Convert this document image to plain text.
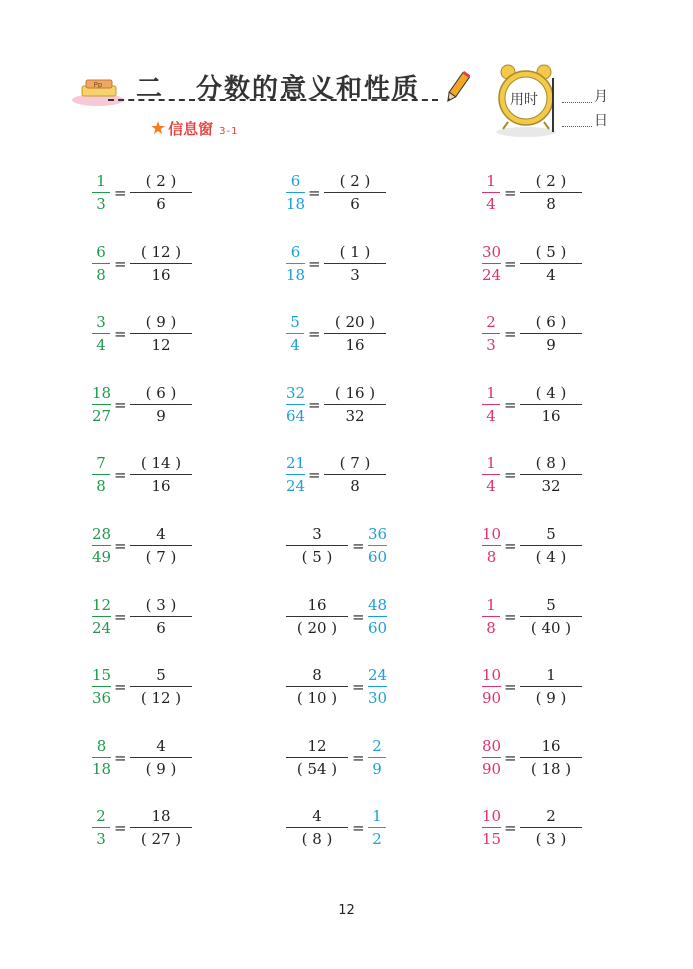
Pp 二 分数的意义和性质
★ 信息窗 3-1
用时	月
日
1
3
=
( 2 )
6
6
18
=
( 2 )
6
1
4
=
( 2 )
8
6
8
=
( 12 )
16
6
18
=
( 1 )
3
30
24
=
( 5 )
4
3
4
=
( 9 )
12
5
4
=
( 20 )
16
2
3
=
( 6 )
9
18
27
=
( 6 )
9
32
64
=
( 16 )
32
1
4
=
( 4 )
16
7
8
=
( 14 )
16
21
24
=
( 7 )
8
1
4
=
( 8 )
32
28
49
=
4
( 7 )
3
( 5 )
=
36
60
10
8
=
5
( 4 )
12
24
=
( 3 )
6
16
( 20 )
=
48
60
1
8
=
5
( 40 )
15
36
=
5
( 12 )
8
( 10 )
=
24
30
10
90
=
1
( 9 )
8
18
=
4
( 9 )
12
( 54 )
=
2
9
80
90
=
16
( 18 )
2
3
=
18
( 27 )
4
( 8 )
=
1
2
10
15
=
2
( 3 )
12
